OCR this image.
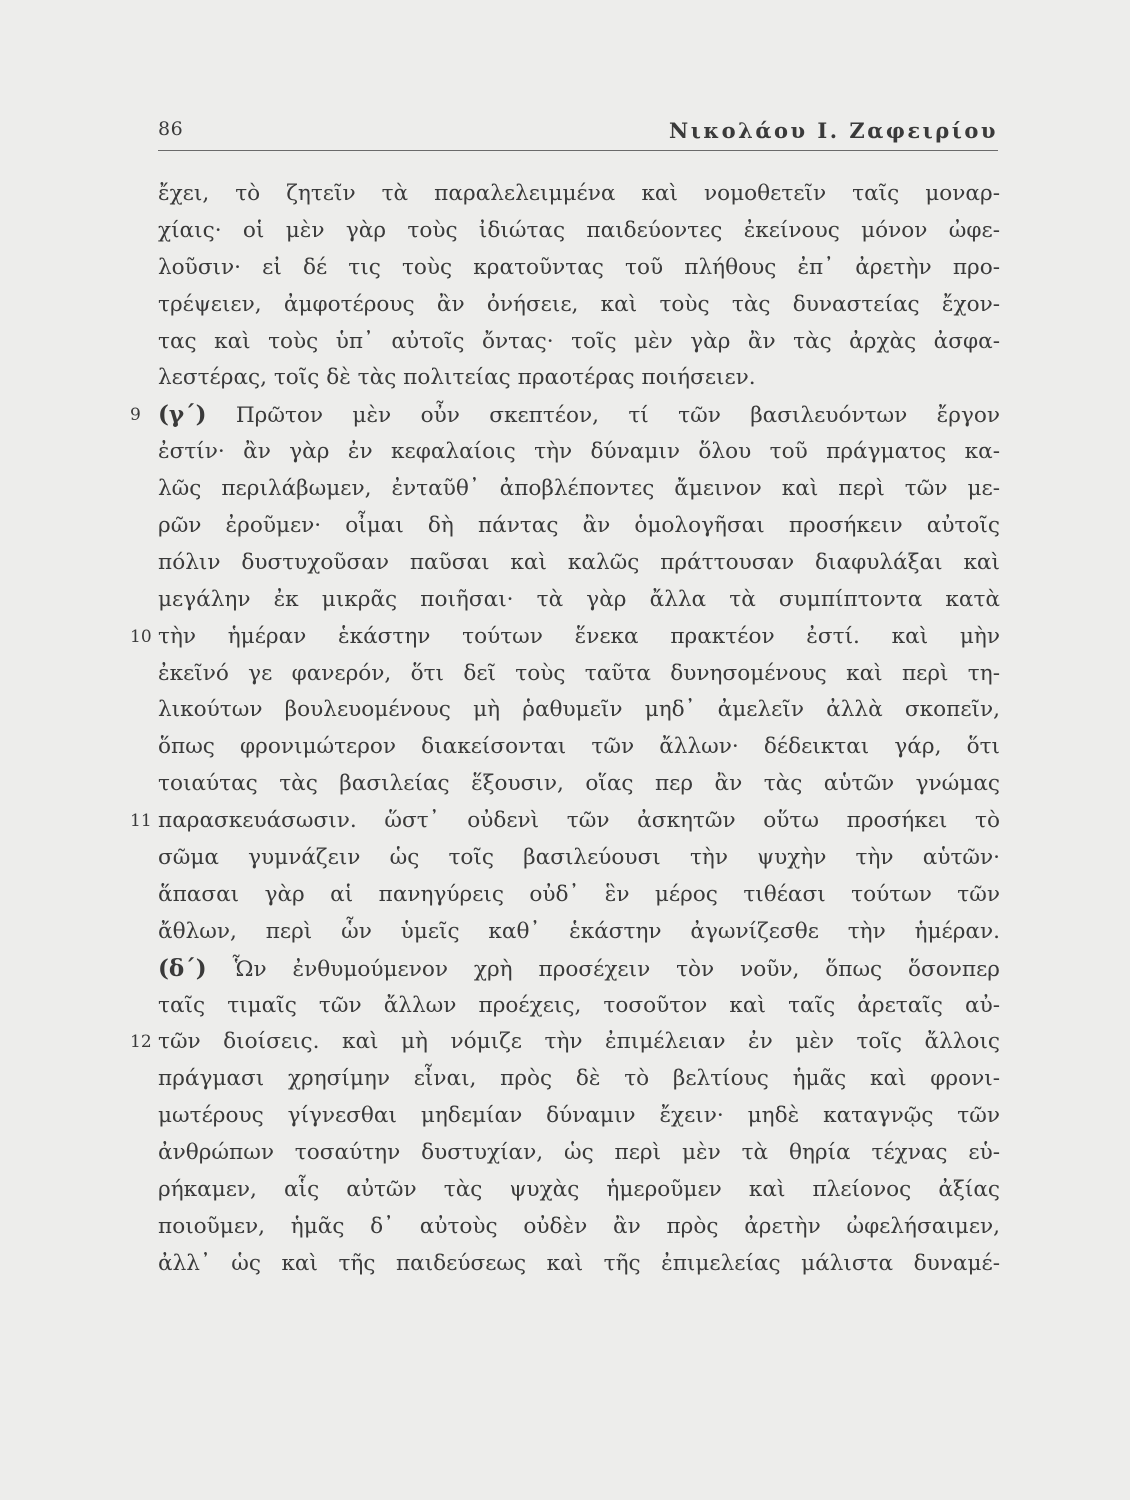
86	Νικολάου Ι. Ζαφειρίου
ἔχει, τὸ ζητεῖν τὰ παραλελειμμένα καὶ νομοθετεῖν ταῖς μοναρ-
χίαις· οἱ μὲν γὰρ τοὺς ἰδιώτας παιδεύοντες ἐκείνους μόνον ὠφε-
λοῦσιν· εἰ δέ τις τοὺς κρατοῦντας τοῦ πλήθους ἐπ᾽ ἀρετὴν προ-
τρέψειεν, ἀμφοτέρους ἂν ὀνήσειε, καὶ τοὺς τὰς δυναστείας ἔχον-
τας καὶ τοὺς ὑπ᾽ αὐτοῖς ὄντας· τοῖς μὲν γὰρ ἂν τὰς ἀρχὰς ἀσφα-
λεστέρας, τοῖς δὲ τὰς πολιτείας πραοτέρας ποιήσειεν.
9 (γ΄) Πρῶτον μὲν οὖν σκεπτέον, τί τῶν βασιλευόντων ἔργον
ἐστίν· ἂν γὰρ ἐν κεφαλαίοις τὴν δύναμιν ὅλου τοῦ πράγματος κα-
λῶς περιλάβωμεν, ἐνταῦθ᾽ ἀποβλέποντες ἄμεινον καὶ περὶ τῶν με-
ρῶν ἐροῦμεν· οἶμαι δὴ πάντας ἂν ὁμολογῆσαι προσήκειν αὐτοῖς
πόλιν δυστυχοῦσαν παῦσαι καὶ καλῶς πράττουσαν διαφυλάξαι καὶ
μεγάλην ἐκ μικρᾶς ποιῆσαι· τὰ γὰρ ἄλλα τὰ συμπίπτοντα κατὰ
10 τὴν ἡμέραν ἑκάστην τούτων ἕνεκα πρακτέον ἐστί. καὶ μὴν
ἐκεῖνό γε φανερόν, ὅτι δεῖ τοὺς ταῦτα δυνησομένους καὶ περὶ τη-
λικούτων βουλευομένους μὴ ῥαθυμεῖν μηδ᾽ ἀμελεῖν ἀλλὰ σκοπεῖν,
ὅπως φρονιμώτερον διακείσονται τῶν ἄλλων· δέδεικται γάρ, ὅτι
τοιαύτας τὰς βασιλείας ἕξουσιν, οἵας περ ἂν τὰς αὑτῶν γνώμας
11 παρασκευάσωσιν. ὥστ᾽ οὐδενὶ τῶν ἀσκητῶν οὕτω προσήκει τὸ
σῶμα γυμνάζειν ὡς τοῖς βασιλεύουσι τὴν ψυχὴν τὴν αὑτῶν·
ἅπασαι γὰρ αἱ πανηγύρεις οὐδ᾽ ἓν μέρος τιθέασι τούτων τῶν
ἄθλων, περὶ ὧν ὑμεῖς καθ᾽ ἑκάστην ἀγωνίζεσθε τὴν ἡμέραν.
(δ΄) Ὧν ἐνθυμούμενον χρὴ προσέχειν τὸν νοῦν, ὅπως ὅσονπερ
ταῖς τιμαῖς τῶν ἄλλων προέχεις, τοσοῦτον καὶ ταῖς ἀρεταῖς αὐ-
12 τῶν διοίσεις. καὶ μὴ νόμιζε τὴν ἐπιμέλειαν ἐν μὲν τοῖς ἄλλοις
πράγμασι χρησίμην εἶναι, πρὸς δὲ τὸ βελτίους ἡμᾶς καὶ φρονι-
μωτέρους γίγνεσθαι μηδεμίαν δύναμιν ἔχειν· μηδὲ καταγνῷς τῶν
ἀνθρώπων τοσαύτην δυστυχίαν, ὡς περὶ μὲν τὰ θηρία τέχνας εὑ-
ρήκαμεν, αἷς αὐτῶν τὰς ψυχὰς ἡμεροῦμεν καὶ πλείονος ἀξίας
ποιοῦμεν, ἡμᾶς δ᾽ αὐτοὺς οὐδὲν ἂν πρὸς ἀρετὴν ὠφελήσαιμεν,
ἀλλ᾽ ὡς καὶ τῆς παιδεύσεως καὶ τῆς ἐπιμελείας μάλιστα δυναμέ-
